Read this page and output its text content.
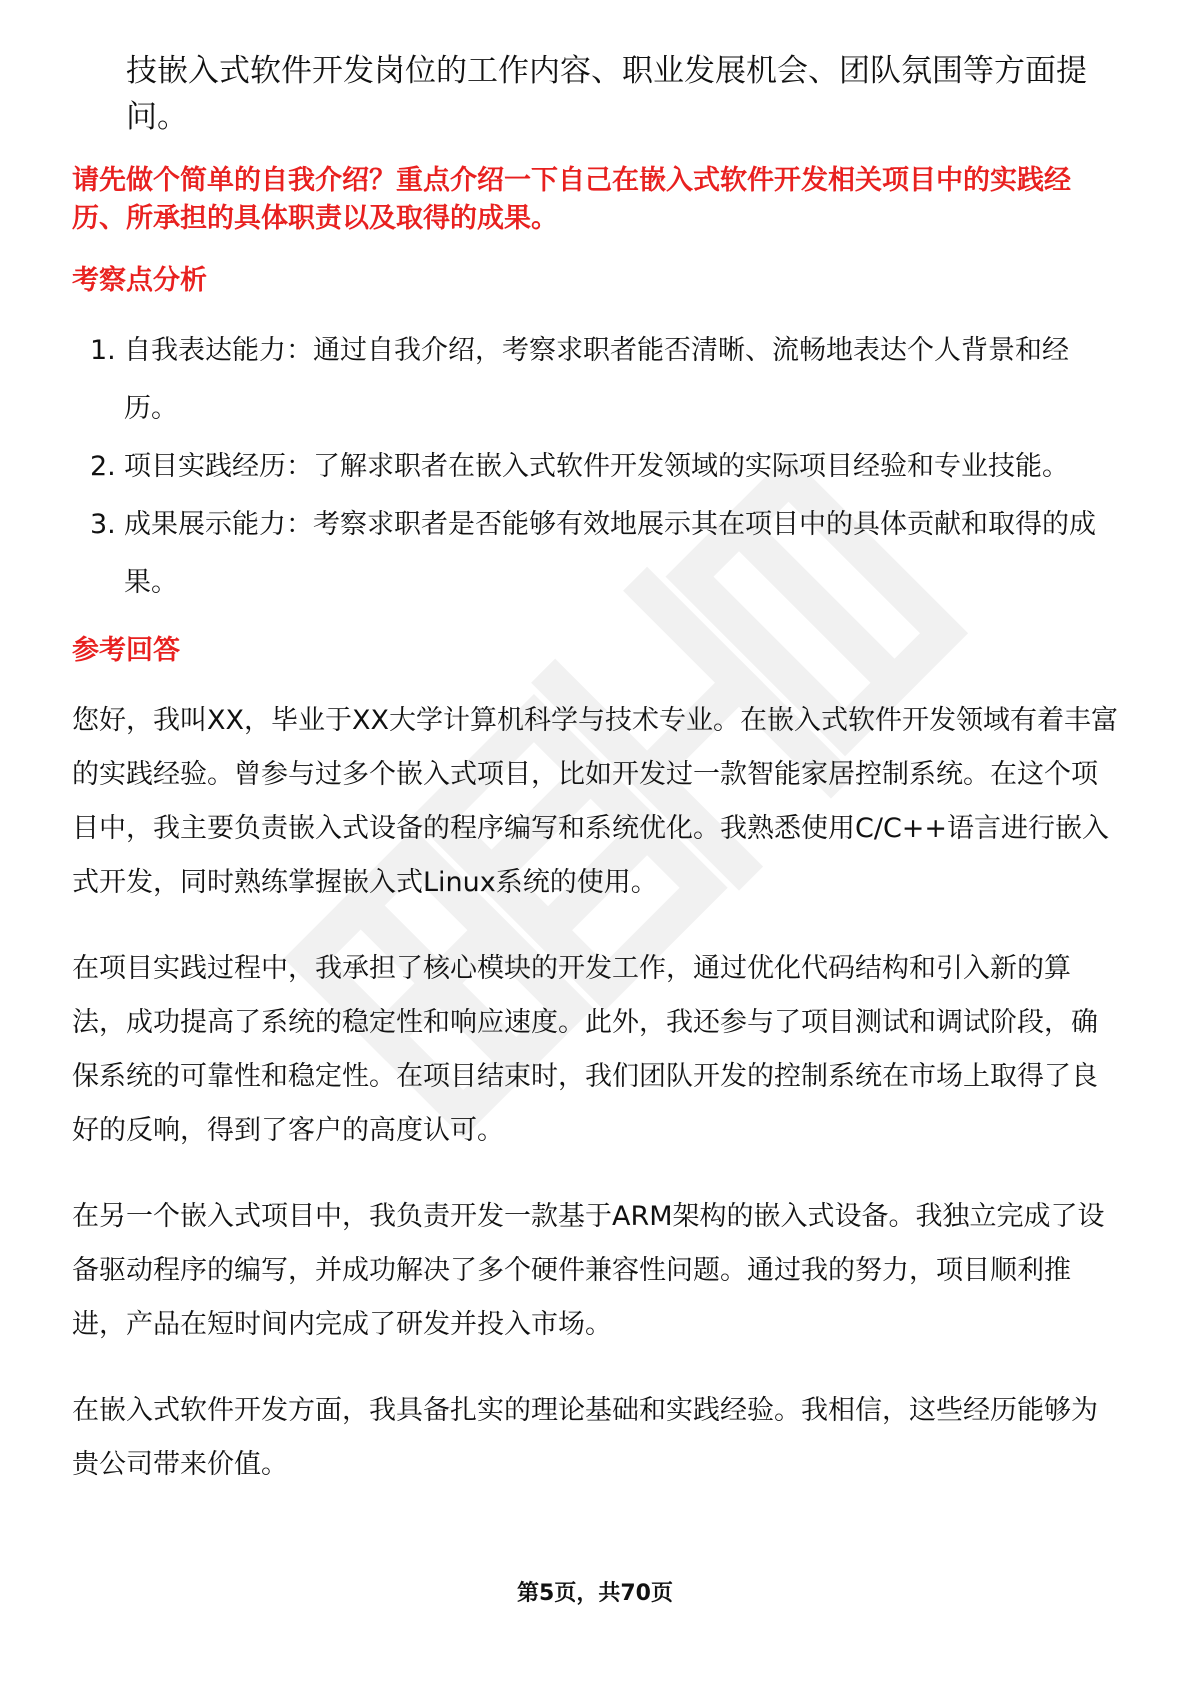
技嵌入式软件开发岗位的工作内容、职业发展机会、团队氛围等方面提问。

请先做个简单的自我介绍？重点介绍一下自己在嵌入式软件开发相关项目中的实践经历、所承担的具体职责以及取得的成果。

考察点分析
1. 自我表达能力：通过自我介绍，考察求职者能否清晰、流畅地表达个人背景和经历。
2. 项目实践经历：了解求职者在嵌入式软件开发领域的实际项目经验和专业技能。
3. 成果展示能力：考察求职者是否能够有效地展示其在项目中的具体贡献和取得的成果。
参考回答

您好，我叫XX，毕业于XX大学计算机科学与技术专业。在嵌入式软件开发领域有着丰富的实践经验。曾参与过多个嵌入式项目，比如开发过一款智能家居控制系统。在这个项目中，我主要负责嵌入式设备的程序编写和系统优化。我熟悉使用C/C++语言进行嵌入式开发，同时熟练掌握嵌入式Linux系统的使用。

在项目实践过程中，我承担了核心模块的开发工作，通过优化代码结构和引入新的算法，成功提高了系统的稳定性和响应速度。此外，我还参与了项目测试和调试阶段，确保系统的可靠性和稳定性。在项目结束时，我们团队开发的控制系统在市场上取得了良好的反响，得到了客户的高度认可。

在另一个嵌入式项目中，我负责开发一款基于ARM架构的嵌入式设备。我独立完成了设备驱动程序的编写，并成功解决了多个硬件兼容性问题。通过我的努力，项目顺利推进，产品在短时间内完成了研发并投入市场。

在嵌入式软件开发方面，我具备扎实的理论基础和实践经验。我相信，这些经历能够为贵公司带来价值。

第5页，共70页
